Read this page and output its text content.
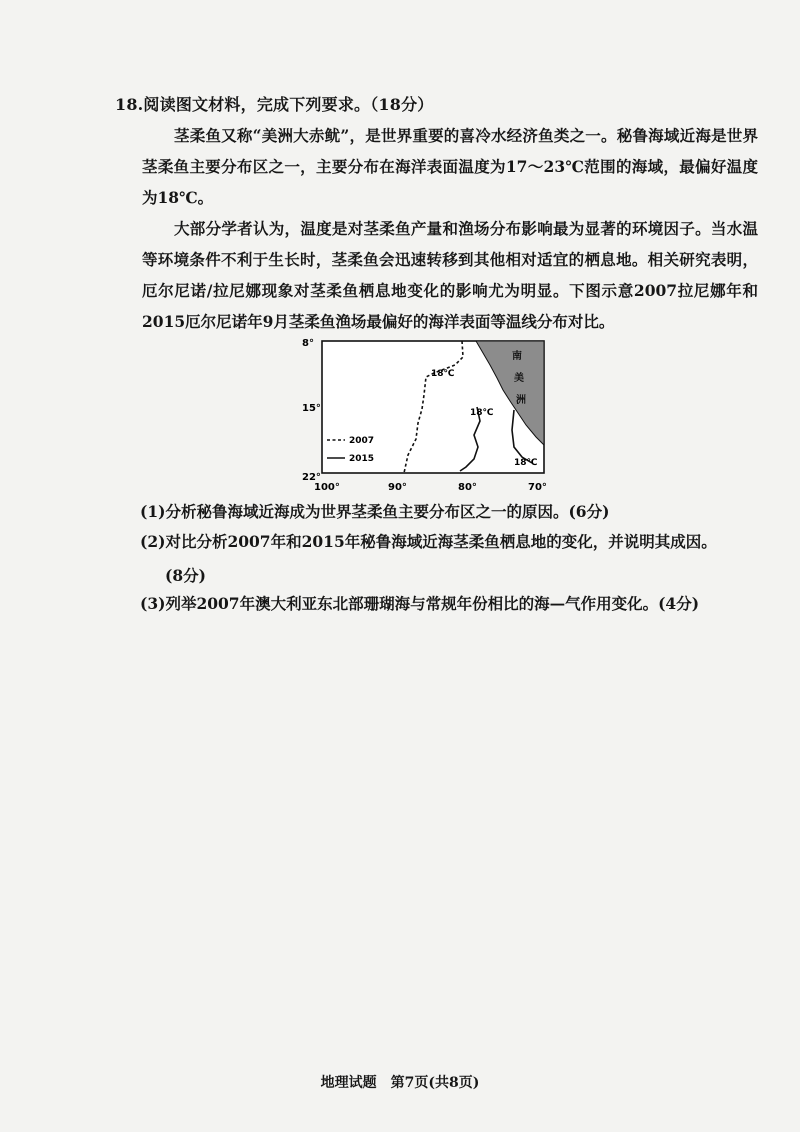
18.阅读图文材料，完成下列要求。（18分）
茎柔鱼又称“美洲大赤鱿”，是世界重要的喜冷水经济鱼类之一。秘鲁海域近海是世界茎柔鱼主要分布区之一，主要分布在海洋表面温度为17～23℃范围的海域，最偏好温度为18℃。
大部分学者认为，温度是对茎柔鱼产量和渔场分布影响最为显著的环境因子。当水温等环境条件不利于生长时，茎柔鱼会迅速转移到其他相对适宜的栖息地。相关研究表明，厄尔尼诺/拉尼娜现象对茎柔鱼栖息地变化的影响尤为明显。下图示意2007拉尼娜年和2015厄尔尼诺年9月茎柔鱼渔场最偏好的海洋表面等温线分布对比。
8°
15°
22°
100°	90°	80°	70°
南
美
洲
18℃
18℃
18℃
2007
2015
(1)分析秘鲁海域近海成为世界茎柔鱼主要分布区之一的原因。(6分)
(2)对比分析2007年和2015年秘鲁海域近海茎柔鱼栖息地的变化，并说明其成因。
(8分)
(3)列举2007年澳大利亚东北部珊瑚海与常规年份相比的海—气作用变化。(4分)
地理试题　第7页(共8页)
